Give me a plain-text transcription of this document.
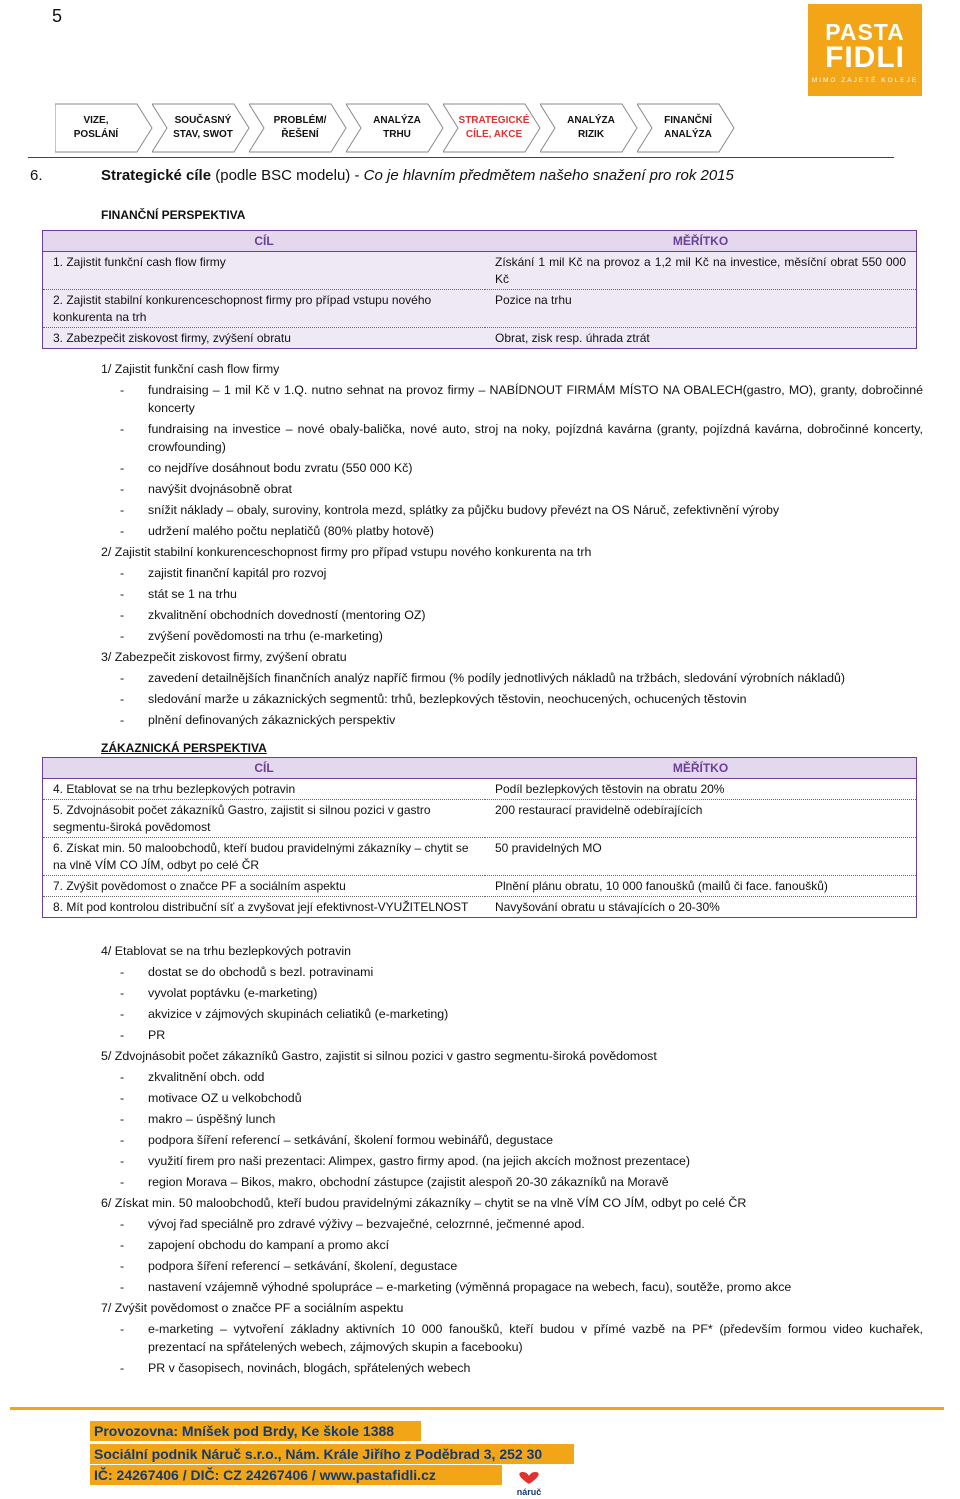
5
PASTA
FIDLI
MIMO ZAJETÉ KOLEJE
VIZE,
POSLÁNÍ
SOUČASNÝ
STAV, SWOT
PROBLÉM/
ŘEŠENÍ
ANALÝZA
TRHU
STRATEGICKÉ
CÍLE, AKCE
ANALÝZA
RIZIK
FINANČNÍ
ANALÝZA
6.	Strategické cíle (podle BSC modelu) - Co je hlavním předmětem našeho snažení pro rok 2015
FINANČNÍ PERSPEKTIVA
CÍL	MĚŘÍTKO
1. Zajistit funkční cash flow firmy	Získání 1 mil Kč na provoz a 1,2 mil Kč na investice, měsíční obrat 550 000 Kč
2. Zajistit stabilní konkurenceschopnost firmy pro případ vstupu nového konkurenta na trh	Pozice na trhu
3. Zabezpečit ziskovost firmy, zvýšení obratu	Obrat, zisk resp. úhrada ztrát
1/ Zajistit funkční cash flow firmy
-	fundraising – 1 mil Kč v 1.Q. nutno sehnat na provoz firmy – NABÍDNOUT FIRMÁM MÍSTO NA OBALECH(gastro, MO), granty, dobročinné koncerty
-	fundraising na investice – nové obaly-balička, nové auto, stroj na noky, pojízdná kavárna (granty, pojízdná kavárna, dobročinné koncerty, crowfounding)
-	co nejdříve dosáhnout bodu zvratu (550 000 Kč)
-	navýšit dvojnásobně obrat
-	snížit náklady – obaly, suroviny, kontrola mezd, splátky za půjčku budovy převézt na OS Náruč, zefektivnění výroby
-	udržení malého počtu neplatičů (80% platby hotově)
2/ Zajistit stabilní konkurenceschopnost firmy pro případ vstupu nového konkurenta na trh
-	zajistit finanční kapitál pro rozvoj
-	stát se 1 na trhu
-	zkvalitnění obchodních dovedností (mentoring OZ)
-	zvýšení povědomosti na trhu (e-marketing)
3/ Zabezpečit ziskovost firmy, zvýšení obratu
-	zavedení detailnějších finančních analýz napříč firmou (% podíly jednotlivých nákladů na tržbách, sledování výrobních nákladů)
-	sledování marže u zákaznických segmentů: trhů, bezlepkových těstovin, neochucených, ochucených těstovin
-	plnění definovaných zákaznických perspektiv
ZÁKAZNICKÁ PERSPEKTIVA
CÍL	MĚŘÍTKO
4. Etablovat se na trhu bezlepkových potravin	Podíl bezlepkových těstovin na obratu 20%
5. Zdvojnásobit počet zákazníků Gastro, zajistit si silnou pozici v gastro segmentu-široká povědomost	200 restaurací pravidelně odebírajících
6. Získat min. 50 maloobchodů, kteří budou pravidelnými zákazníky – chytit se na vlně VÍM CO JÍM, odbyt po celé ČR	50 pravidelných MO
7. Zvýšit povědomost o značce PF a sociálním aspektu	Plnění plánu obratu, 10 000 fanoušků (mailů či face. fanoušků)
8. Mít pod kontrolou distribuční síť a zvyšovat její efektivnost-VYUŽITELNOST	Navyšování obratu u stávajících o 20-30%
4/ Etablovat se na trhu bezlepkových potravin
-	dostat se do obchodů s bezl. potravinami
-	vyvolat poptávku (e-marketing)
-	akvizice v zájmových skupinách celiatiků (e-marketing)
-	PR
5/ Zdvojnásobit počet zákazníků Gastro, zajistit si silnou pozici v gastro segmentu-široká povědomost
-	zkvalitnění obch. odd
-	motivace OZ u velkobchodů
-	makro – úspěšný lunch
-	podpora šíření referencí – setkávání, školení formou webinářů, degustace
-	využití firem pro naši prezentaci: Alimpex, gastro firmy apod. (na jejich akcích možnost prezentace)
-	region Morava – Bikos, makro, obchodní zástupce (zajistit alespoň 20-30 zákazníků na Moravě
6/ Získat min. 50 maloobchodů, kteří budou pravidelnými zákazníky – chytit se na vlně VÍM CO JÍM, odbyt po celé ČR
-	vývoj řad speciálně pro zdravé výživy – bezvaječné, celozrnné, ječmenné apod.
-	zapojení obchodu do kampaní a promo akcí
-	podpora šíření referencí – setkávání, školení, degustace
-	nastavení vzájemně výhodné spolupráce – e-marketing (výměnná propagace na webech, facu), soutěže, promo akce
7/ Zvýšit povědomost o značce PF a sociálním aspektu
-	e-marketing – vytvoření základny aktivních 10 000 fanoušků, kteří budou v přímé vazbě na PF* (především formou video kuchařek, prezentací na spřátelených webech, zájmových skupin a facebooku)
-	PR v časopisech, novinách, blogách, spřátelených webech
Provozovna: Mníšek pod Brdy, Ke škole 1388
Sociální podnik Náruč s.r.o., Nám. Krále Jiřího z Poděbrad 3, 252 30
IČ: 24267406 / DIČ: CZ 24267406 / www.pastafidli.cz
náruč
